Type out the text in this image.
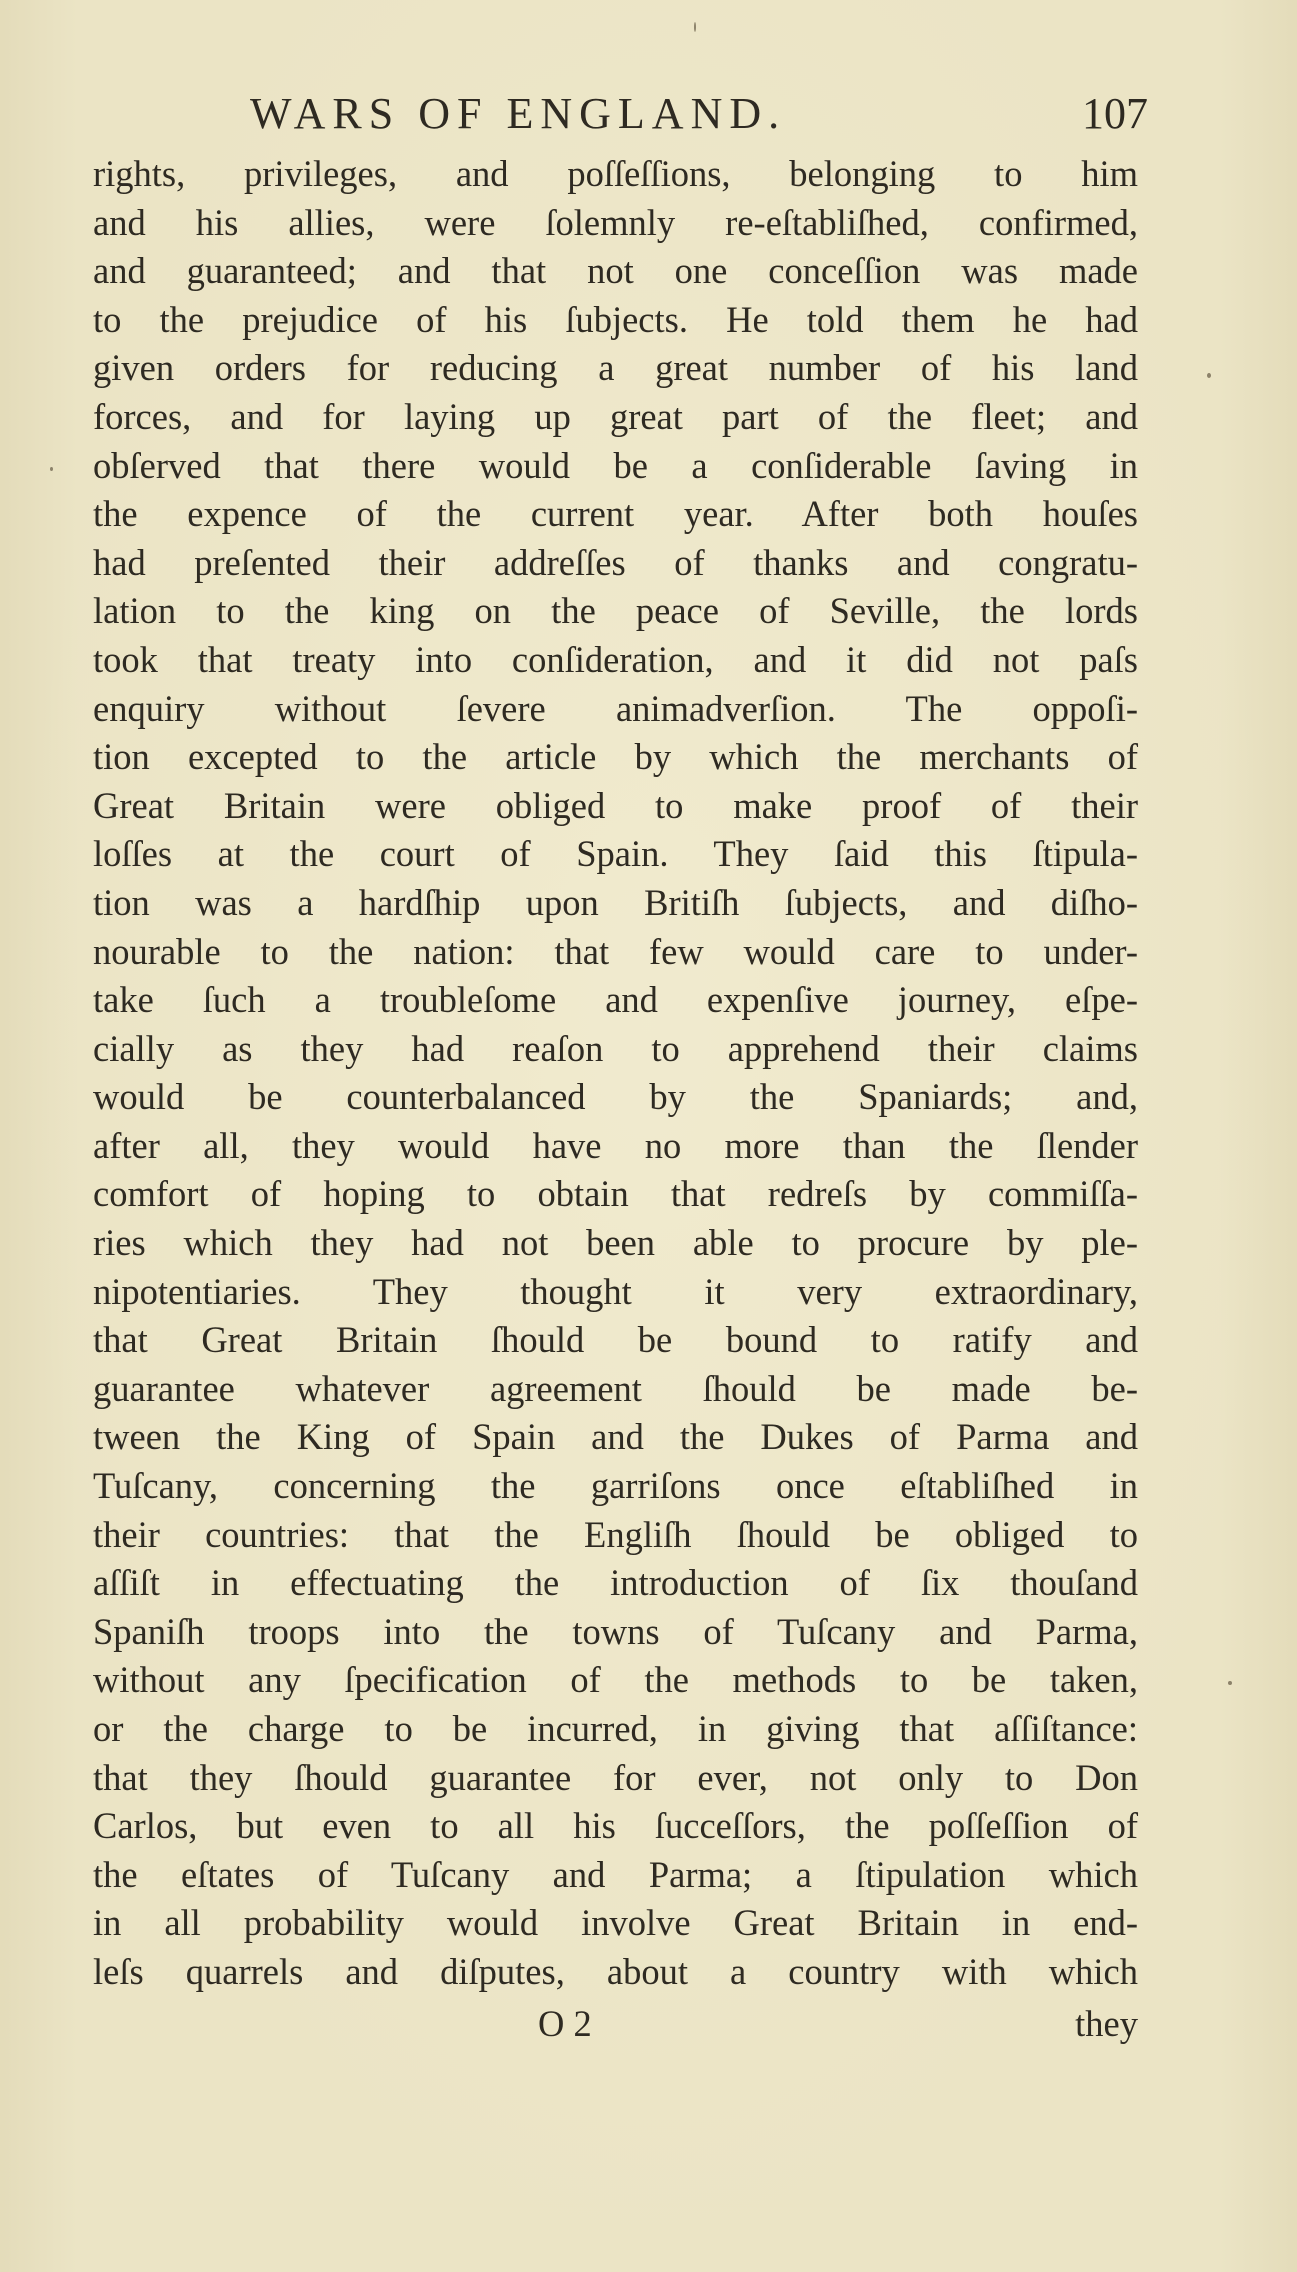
WARS OF ENGLAND.	107
rights, privileges, and poſſeſſions, belonging to him
and his allies, were ſolemnly re-eſtabliſhed, confirmed,
and guaranteed; and that not one conceſſion was made
to the prejudice of his ſubjects. He told them he had
given orders for reducing a great number of his land
forces, and for laying up great part of the fleet; and
obſerved that there would be a conſiderable ſaving in
the expence of the current year. After both houſes
had preſented their addreſſes of thanks and congratu-
lation to the king on the peace of Seville, the lords
took that treaty into conſideration, and it did not paſs
enquiry without ſevere animadverſion. The oppoſi-
tion excepted to the article by which the merchants of
Great Britain were obliged to make proof of their
loſſes at the court of Spain. They ſaid this ſtipula-
tion was a hardſhip upon Britiſh ſubjects, and diſho-
nourable to the nation: that few would care to under-
take ſuch a troubleſome and expenſive journey, eſpe-
cially as they had reaſon to apprehend their claims
would be counterbalanced by the Spaniards; and,
after all, they would have no more than the ſlender
comfort of hoping to obtain that redreſs by commiſſa-
ries which they had not been able to procure by ple-
nipotentiaries. They thought it very extraordinary,
that Great Britain ſhould be bound to ratify and
guarantee whatever agreement ſhould be made be-
tween the King of Spain and the Dukes of Parma and
Tuſcany, concerning the garriſons once eſtabliſhed in
their countries: that the Engliſh ſhould be obliged to
aſſiſt in effectuating the introduction of ſix thouſand
Spaniſh troops into the towns of Tuſcany and Parma,
without any ſpecification of the methods to be taken,
or the charge to be incurred, in giving that aſſiſtance:
that they ſhould guarantee for ever, not only to Don
Carlos, but even to all his ſucceſſors, the poſſeſſion of
the eſtates of Tuſcany and Parma; a ſtipulation which
in all probability would involve Great Britain in end-
leſs quarrels and diſputes, about a country with which
O 2	they
